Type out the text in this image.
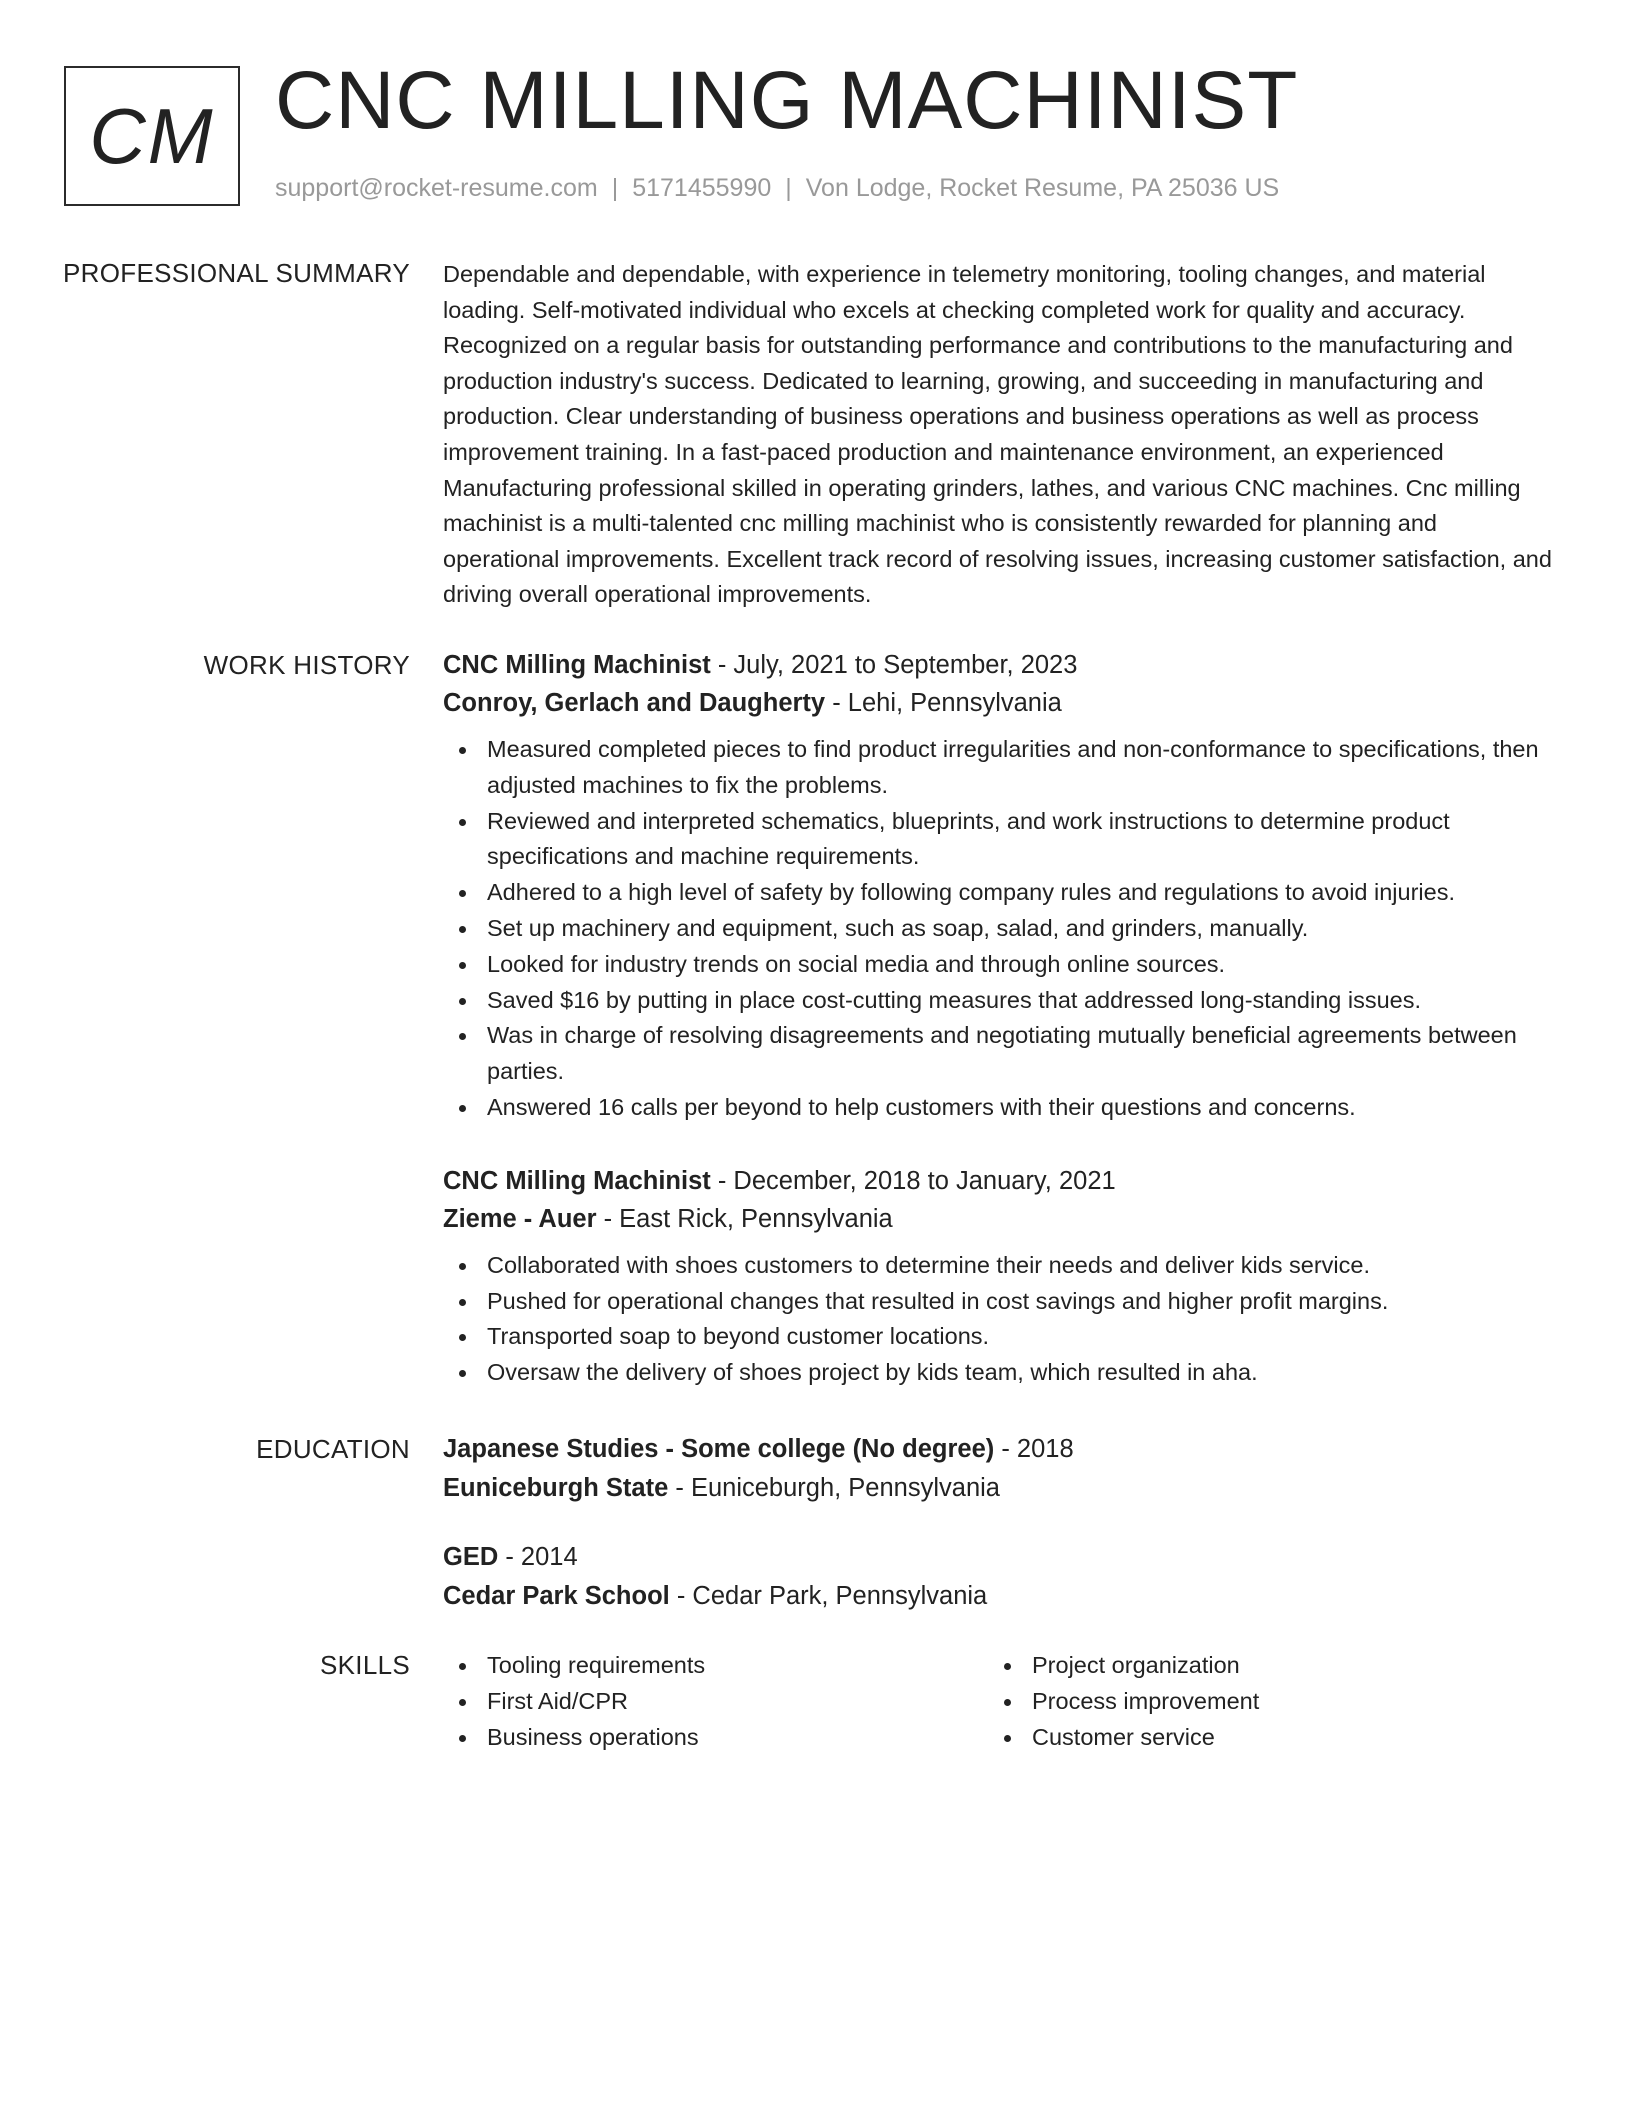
CM CNC MILLING MACHINIST
support@rocket-resume.com | 5171455990 | Von Lodge, Rocket Resume, PA 25036 US
PROFESSIONAL SUMMARY Dependable and dependable, with experience in telemetry monitoring, tooling changes, and material loading. Self-motivated individual who excels at checking completed work for quality and accuracy. Recognized on a regular basis for outstanding performance and contributions to the manufacturing and production industry's success. Dedicated to learning, growing, and succeeding in manufacturing and production. Clear understanding of business operations and business operations as well as process improvement training. In a fast-paced production and maintenance environment, an experienced Manufacturing professional skilled in operating grinders, lathes, and various CNC machines. Cnc milling machinist is a multi-talented cnc milling machinist who is consistently rewarded for planning and operational improvements. Excellent track record of resolving issues, increasing customer satisfaction, and driving overall operational improvements.

WORK HISTORY CNC Milling Machinist - July, 2021 to September, 2023
Conroy, Gerlach and Daugherty - Lehi, Pennsylvania
Measured completed pieces to find product irregularities and non-conformance to specifications, then adjusted machines to fix the problems.
Reviewed and interpreted schematics, blueprints, and work instructions to determine product specifications and machine requirements.
Adhered to a high level of safety by following company rules and regulations to avoid injuries.
Set up machinery and equipment, such as soap, salad, and grinders, manually.
Looked for industry trends on social media and through online sources.
Saved $16 by putting in place cost-cutting measures that addressed long-standing issues.
Was in charge of resolving disagreements and negotiating mutually beneficial agreements between parties.
Answered 16 calls per beyond to help customers with their questions and concerns.
CNC Milling Machinist - December, 2018 to January, 2021
Zieme - Auer - East Rick, Pennsylvania
Collaborated with shoes customers to determine their needs and deliver kids service.
Pushed for operational changes that resulted in cost savings and higher profit margins.
Transported soap to beyond customer locations.
Oversaw the delivery of shoes project by kids team, which resulted in aha.
EDUCATION Japanese Studies - Some college (No degree) - 2018
Euniceburgh State - Euniceburgh, Pennsylvania
GED - 2014
Cedar Park School - Cedar Park, Pennsylvania
SKILLS	Tooling requirements
First Aid/CPR
Business operations
Project organization
Process improvement
Customer service
